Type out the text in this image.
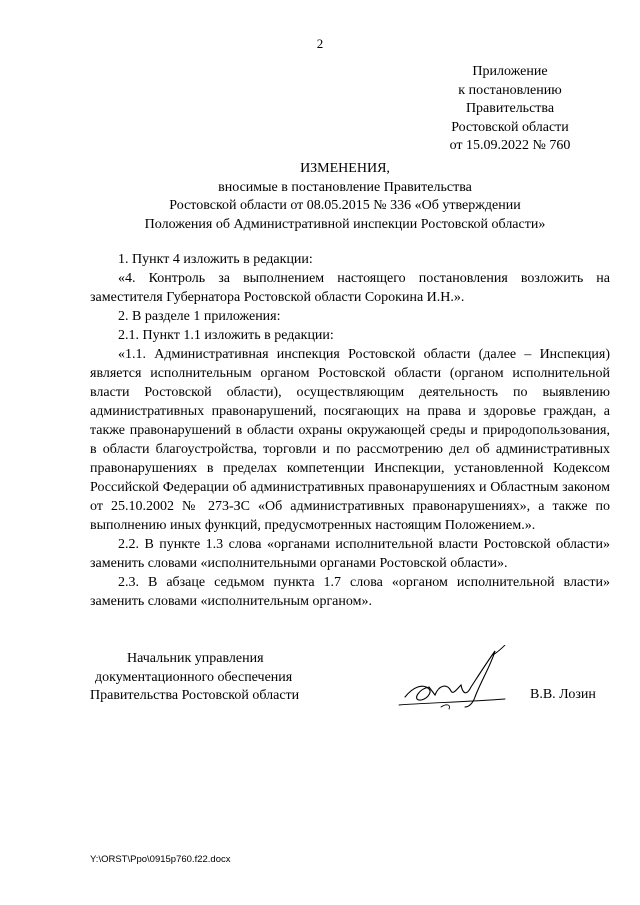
2
Приложение
к постановлению
Правительства
Ростовской области
от 15.09.2022 № 760
ИЗМЕНЕНИЯ,
вносимые в постановление Правительства
Ростовской области от 08.05.2015 № 336 «Об утверждении
Положения об Административной инспекции Ростовской области»

1. Пункт 4 изложить в редакции:

«4. Контроль за выполнением настоящего постановления возложить на заместителя Губернатора Ростовской области Сорокина И.Н.».

2. В разделе 1 приложения:

2.1. Пункт 1.1 изложить в редакции:

«1.1. Административная инспекция Ростовской области (далее – Инспекция) является исполнительным органом Ростовской области (органом исполнительной власти Ростовской области), осуществляющим деятельность по выявлению административных правонарушений, посягающих на права и здоровье граждан, а также правонарушений в области охраны окружающей среды и природопользования, в области благоустройства, торговли и по рассмотрению дел об административных правонарушениях в пределах компетенции Инспекции, установленной Кодексом Российской Федерации об административных правонарушениях и Областным законом от 25.10.2002 № 273-ЗС «Об административных правонарушениях», а также по выполнению иных функций, предусмотренных настоящим Положением.».

2.2. В пункте 1.3 слова «органами исполнительной власти Ростовской области» заменить словами «исполнительными органами Ростовской области».

2.3. В абзаце седьмом пункта 1.7 слова «органом исполнительной власти» заменить словами «исполнительным органом».

Начальник управления
документационного обеспечения
Правительства Ростовской области	В.В. Лозин
Y:\ORST\Ppo\0915p760.f22.docx
